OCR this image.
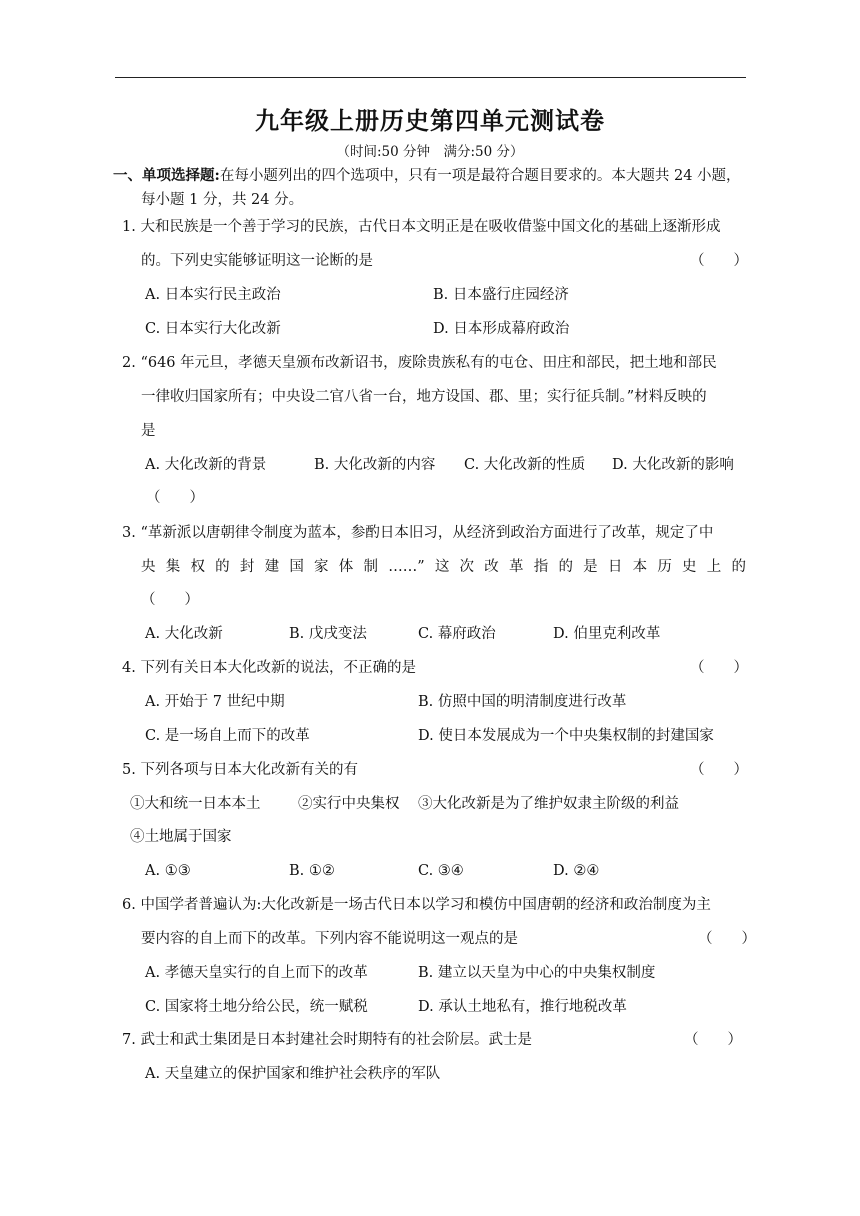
九年级上册历史第四单元测试卷
（时间:50 分钟　满分:50 分）
一、单项选择题:在每小题列出的四个选项中，只有一项是最符合题目要求的。本大题共 24 小题，
每小题 1 分，共 24 分。
1. 大和民族是一个善于学习的民族，古代日本文明正是在吸收借鉴中国文化的基础上逐渐形成
的。下列史实能够证明这一论断的是	（　　）
A. 日本实行民主政治	B. 日本盛行庄园经济
C. 日本实行大化改新	D. 日本形成幕府政治
2. “646 年元旦，孝德天皇颁布改新诏书，废除贵族私有的屯仓、田庄和部民，把土地和部民
一律收归国家所有；中央设二官八省一台，地方设国、郡、里；实行征兵制。”材料反映的
是
A. 大化改新的背景	B. 大化改新的内容 C. 大化改新的性质 D. 大化改新的影响
（　　）
3. “革新派以唐朝律令制度为蓝本，参酌日本旧习，从经济到政治方面进行了改革，规定了中
央集权的封建国家体制……”这次改革指的是日本历史上的
（　　）
A. 大化改新	B. 戊戌变法	C. 幕府政治	D. 伯里克利改革
4. 下列有关日本大化改新的说法，不正确的是	（　　）
A. 开始于 7 世纪中期	B. 仿照中国的明清制度进行改革
C. 是一场自上而下的改革	D. 使日本发展成为一个中央集权制的封建国家
5. 下列各项与日本大化改新有关的有	（　　）
①大和统一日本本土	②实行中央集权 ③大化改新是为了维护奴隶主阶级的利益
④土地属于国家
A. ①③	B. ①②	C. ③④	D. ②④
6. 中国学者普遍认为:大化改新是一场古代日本以学习和模仿中国唐朝的经济和政治制度为主
要内容的自上而下的改革。下列内容不能说明这一观点的是	（　　）
A. 孝德天皇实行的自上而下的改革	B. 建立以天皇为中心的中央集权制度
C. 国家将土地分给公民，统一赋税	D. 承认土地私有，推行地税改革
7. 武士和武士集团是日本封建社会时期特有的社会阶层。武士是	（　　）
A. 天皇建立的保护国家和维护社会秩序的军队
